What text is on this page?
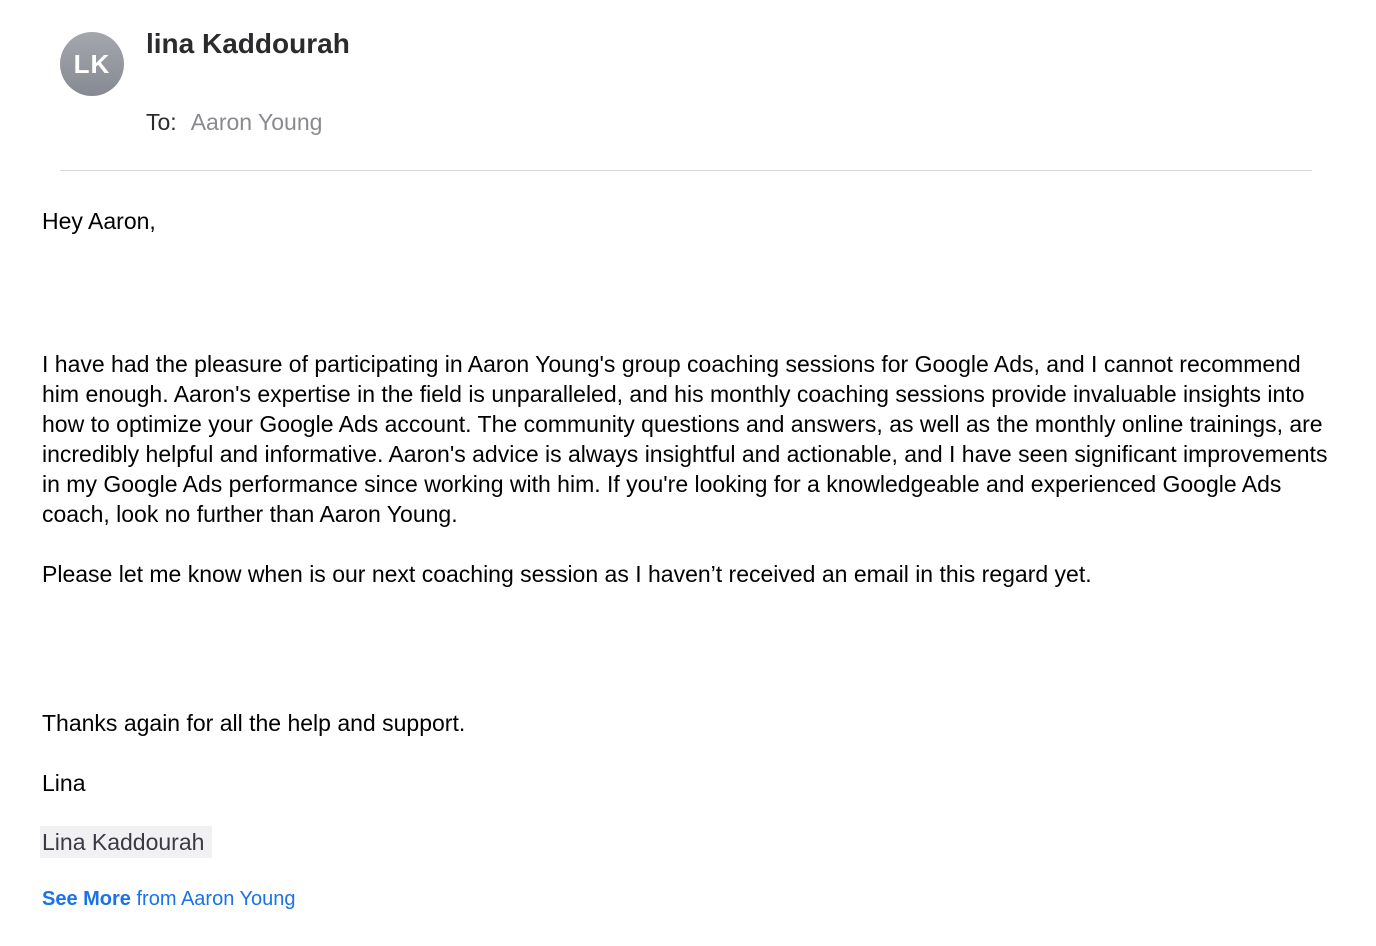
LK
lina Kaddourah
To: Aaron Young
Hey Aaron,
I have had the pleasure of participating in Aaron Young's group coaching sessions for Google Ads, and I cannot recommend him enough. Aaron's expertise in the field is unparalleled, and his monthly coaching sessions provide invaluable insights into how to optimize your Google Ads account. The community questions and answers, as well as the monthly online trainings, are incredibly helpful and informative. Aaron's advice is always insightful and actionable, and I have seen significant improvements in my Google Ads performance since working with him. If you're looking for a knowledgeable and experienced Google Ads coach, look no further than Aaron Young.
Please let me know when is our next coaching session as I haven’t received an email in this regard yet.
Thanks again for all the help and support.
Lina
Lina Kaddourah
See More from Aaron Young
